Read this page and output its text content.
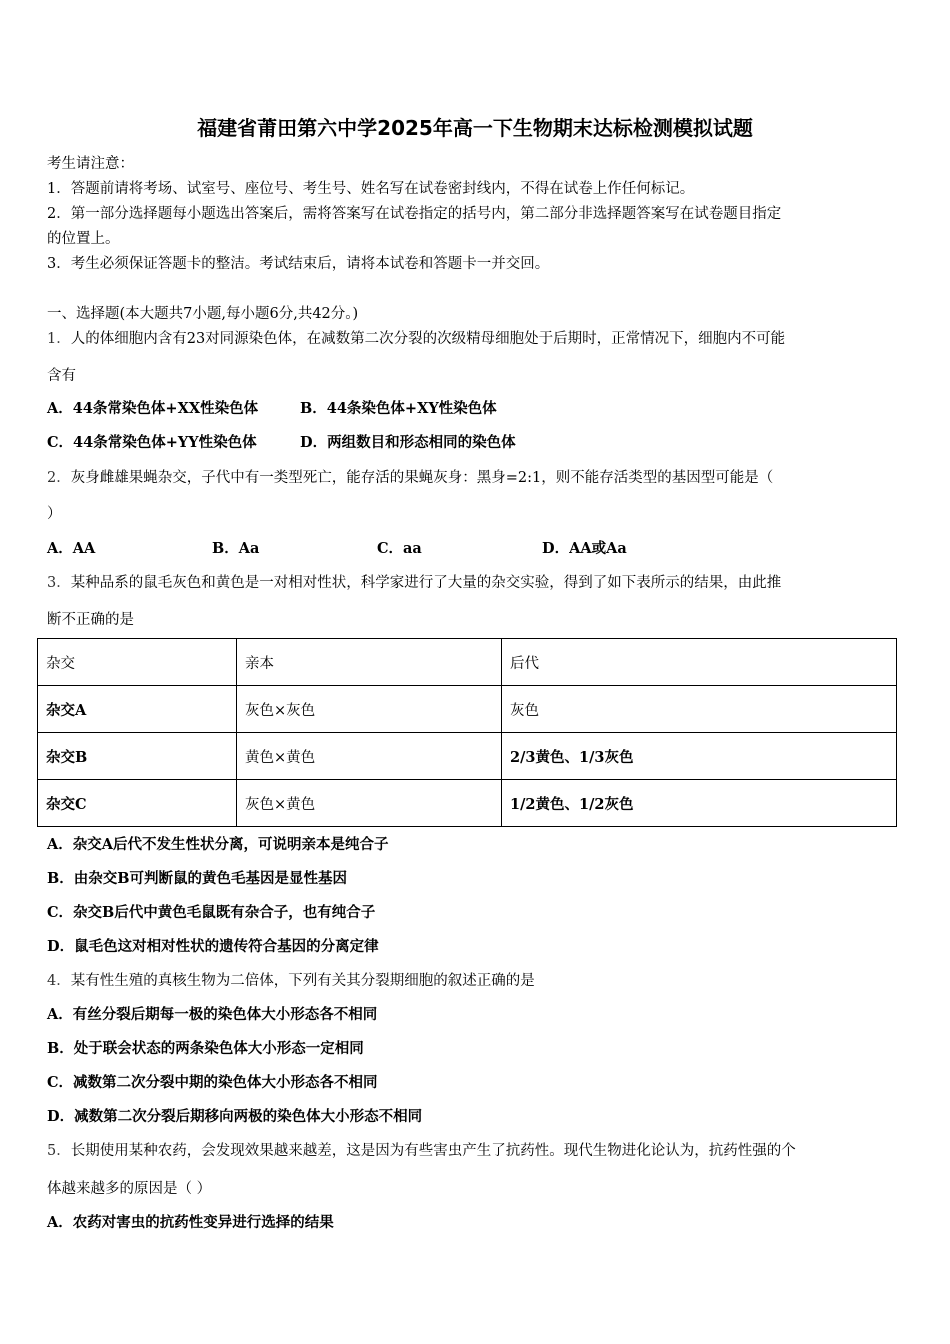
福建省莆田第六中学2025年高一下生物期末达标检测模拟试题
考生请注意：
1．答题前请将考场、试室号、座位号、考生号、姓名写在试卷密封线内，不得在试卷上作任何标记。
2．第一部分选择题每小题选出答案后，需将答案写在试卷指定的括号内，第二部分非选择题答案写在试卷题目指定
的位置上。
3．考生必须保证答题卡的整洁。考试结束后，请将本试卷和答题卡一并交回。
一、选择题(本大题共7小题,每小题6分,共42分。)
1．人的体细胞内含有23对同源染色体，在减数第二次分裂的次级精母细胞处于后期时，正常情况下，细胞内不可能
含有
A．44条常染色体+XX性染色体	B．44条染色体+XY性染色体
C．44条常染色体+YY性染色体	D．两组数目和形态相同的染色体
2．灰身雌雄果蝇杂交，子代中有一类型死亡，能存活的果蝇灰身：黑身=2:1，则不能存活类型的基因型可能是（
）
A．AA	B．Aa	C．aa	D．AA或Aa
3．某种品系的鼠毛灰色和黄色是一对相对性状，科学家进行了大量的杂交实验，得到了如下表所示的结果，由此推
断不正确的是
杂交	亲本	后代
杂交A	灰色×灰色	灰色
杂交B	黄色×黄色	2/3黄色、1/3灰色
杂交C	灰色×黄色	1/2黄色、1/2灰色
A．杂交A后代不发生性状分离，可说明亲本是纯合子
B．由杂交B可判断鼠的黄色毛基因是显性基因
C．杂交B后代中黄色毛鼠既有杂合子，也有纯合子
D．鼠毛色这对相对性状的遗传符合基因的分离定律
4．某有性生殖的真核生物为二倍体，下列有关其分裂期细胞的叙述正确的是
A．有丝分裂后期每一极的染色体大小形态各不相同
B．处于联会状态的两条染色体大小形态一定相同
C．减数第二次分裂中期的染色体大小形态各不相同
D．减数第二次分裂后期移向两极的染色体大小形态不相同
5．长期使用某种农药，会发现效果越来越差，这是因为有些害虫产生了抗药性。现代生物进化论认为，抗药性强的个
体越来越多的原因是（ ）
A．农药对害虫的抗药性变异进行选择的结果
